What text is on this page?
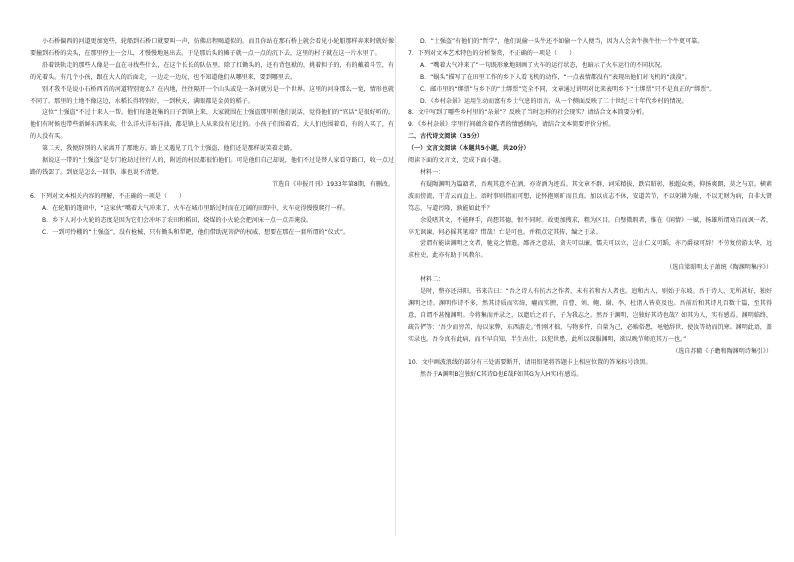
小石桥偏西的河道更加宽些，轮船到石桥口就要叫一声，仿佛启程喝道似的。而且你站在那石桥上就会看见小轮船那样奔来时就好像要撞到石桥的尖头，在那里停上一会儿，才慢慢地退出去。于是那后头的摊子就一点一点的沉下去，这里的村子就在这一片水里了。

沿着铁轨走的那些人像是一直在寻找些什么，在这个长长的队伍里，除了扛锄头的，还有背包袱的，挑着担子的，有的戴着斗笠，有的光着头。有几个小孩，跟在大人的后面走，一边走一边玩，也不知道他们从哪里来，要到哪里去。

别才我不是说小石桥西首的河道特别宽么？在内地，往往隔开一个山头或是一条河就另是一个世界。这里的河身那么一宽，情形也就不同了。那里的土地不像这边，水稻长得特别好，一到秋天，满眼都是金黄的稻子。

这位“土强盗”不过十来人一帮。他们每逢赶集的日子到镇上来，大家就围在土强盗那里听他们说话，觉得他们的“官话”是很好听的。他们有时候也带些新鲜东西来卖，什么洋火洋布洋油，都是镇上人从来没有见过的。小孩子们围着看，大人们也围着看，有的人买了，有的人没有买。

第二天，我便辞别的人家离开了那地方。路上又遇见了几个土强盗，他们还是那样说笑着走路。

据说这一带的“土强盗”是专门抢劫过往行人的，附近的村民都很怕他们。可是他们自己却说，他们不过是替人家看守路口，收一点过路的钱罢了。到底是怎么一回事，谁也说不清楚。

节选自《申报月刊》1933年第8期，有删改。

6．下列对文本相关内容的理解，不正确的一项是（　　）

A．在轮船的篷窗中，“这家伙”嘴着大气冲来了，火车在城市里路过时而在辽阔的田野中，火车竟得慢慢爬行一样。

B．乡下人对小火轮的态度是因为它们会冲坏了农田和稻田，烧煤的小火轮会把河床一点一点弄淹没。

C．一到可怜棚的“土强盗”，没有枪械，只有锄头和犁耙，他们借助泥菩萨的权威，想要在那在一套所谓的“仪式”。

D．“土强盗”有他们的“哲学”，他们说偷一头牛还不如偷一个人便当，因为人会舍牛换牛往一个牛更可靠。

7．下列对文本艺术特色的分析鉴赏，不正确的一项是（　　）

A．“嘴着大气冲来了”一句既形象地刻画了火车的运行状态，也暗示了火车运行的不同状况。

B．“蜗头”描写了在田里工作的乡下人看飞机的动作，“一点表情都没有”表现出他们对飞机的“淡漠”。

C．邮市里的“绑票”与乡下的“土绑票”完全不同，文章通过讲明对比来表明乡下“土绑票”只不是真正的“绑票”。

D．《乡村杂景》运用生动而富有乡土气息的语言，从一个侧面反映了二十世纪三十年代乡村的情况。

8．文中写到了哪些乡村里的“杂景”？反映了当时怎样的社会现实？请结合文本简要分析。

9．《乡村杂景》字里行间蕴含着作者的情感倾向，请结合文本简要评价分析。

二、古代诗文阅读（35分）

（一）文言文阅读（本题共5小题，共20分）

阅读下面的文言文，完成下面小题。

材料一：

有疑陶渊明为篇籍者，吾观其意不在酒，亦寄酒为迹焉。其文章不群，词采精拔，跌宕昭彰，独超众类，抑扬爽朗，莫之与京。横素波而傍流，干青云而直上。语时事则指而可想，论怀抱则旷而且真。加以贞志不休，安道苦节，不以躬耕为耻，不以无财为病，自非大贤笃志，与道污隆，孰能如此乎？

余爱嗜其文，不能释手，尚想其德，恨不同时。故更加搜求，粗为区目。白璧微瑕者，惟在《闲情》一赋，扬雄所谓劝百而讽一者，卒无讽谏，何必摇其笔端？惜哉！亡是可也。并粗点定其传，编之于录。

尝谓有能读渊明之文者，驰竞之情遣，鄙吝之意祛，贪夫可以廉，懦夫可以立，岂止仁义可蹈，亦乃爵禄可辞！不劳复傍游太华，远求柱史，此亦有助于风教尔。

（选自梁昭明太子萧统《陶渊明集序》）

材料二：

是时，整亦还浔阳，书来告曰：“吾之诗人有抗古之作者，未有若和古人者也。追和古人，则始于东坡。吾于诗人，无所甚好，独好渊明之诗。渊明作诗不多，然其诗质而实绮，癯而实腴，自曹、刘、鲍、谢、李、杜诸人皆莫及也。吾前后和其诗凡百数十篇，至其得意，自谓不甚愧渊明。今将集而并录之，以遗后之君子，子为我志之。然吾于渊明，岂独好其诗也哉？如其为人，实有感焉。渊明临终，疏告俨等：‘吾少而穷苦，每以家弊，东西游走。’性刚才拙，与物多忤，自量为己，必贻俗患，黾勉辞世，使汝等幼而饥寒。渊明此语，盖实录也。吾今真有此病，而不早自知，半生出仕，以犯世患，此所以深服渊明，欲以晚节师范其万一也。”

（选自苏辙《子瞻和陶渊明诗集引》）

10．文中画波浪线的部分有三处需要断开，请用铅笔将答题卡上相应位置的答案标号涂黑。

然吾于A渊明B岂独好C其诗D也E哉F如其G为人H实I有感焉。
